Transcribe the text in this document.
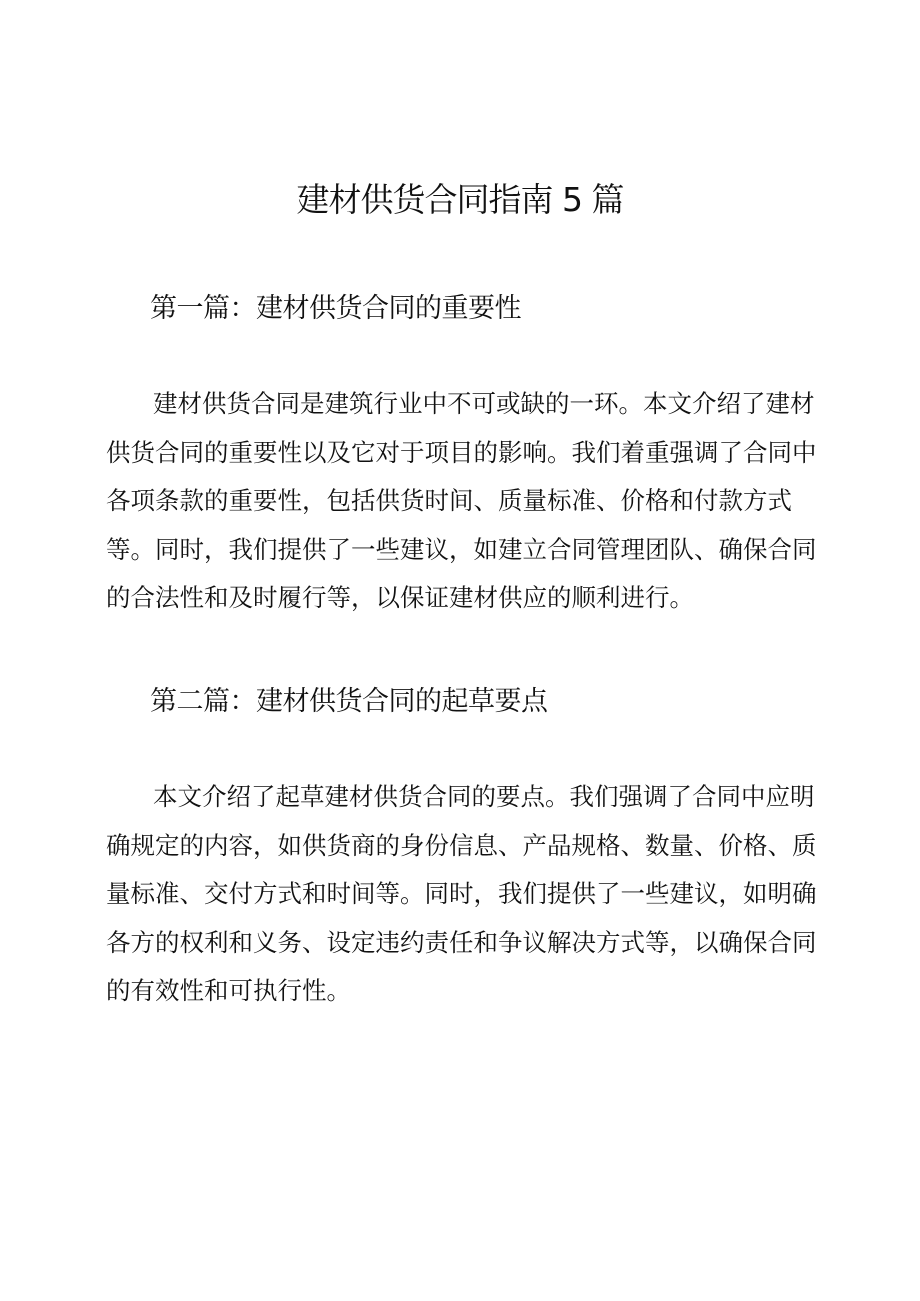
建材供货合同指南 5 篇
第一篇：建材供货合同的重要性

建材供货合同是建筑行业中不可或缺的一环。本文介绍了建材供货合同的重要性以及它对于项目的影响。我们着重强调了合同中各项条款的重要性，包括供货时间、质量标准、价格和付款方式等。同时，我们提供了一些建议，如建立合同管理团队、确保合同的合法性和及时履行等，以保证建材供应的顺利进行。

第二篇：建材供货合同的起草要点

本文介绍了起草建材供货合同的要点。我们强调了合同中应明确规定的内容，如供货商的身份信息、产品规格、数量、价格、质量标准、交付方式和时间等。同时，我们提供了一些建议，如明确各方的权利和义务、设定违约责任和争议解决方式等，以确保合同的有效性和可执行性。
